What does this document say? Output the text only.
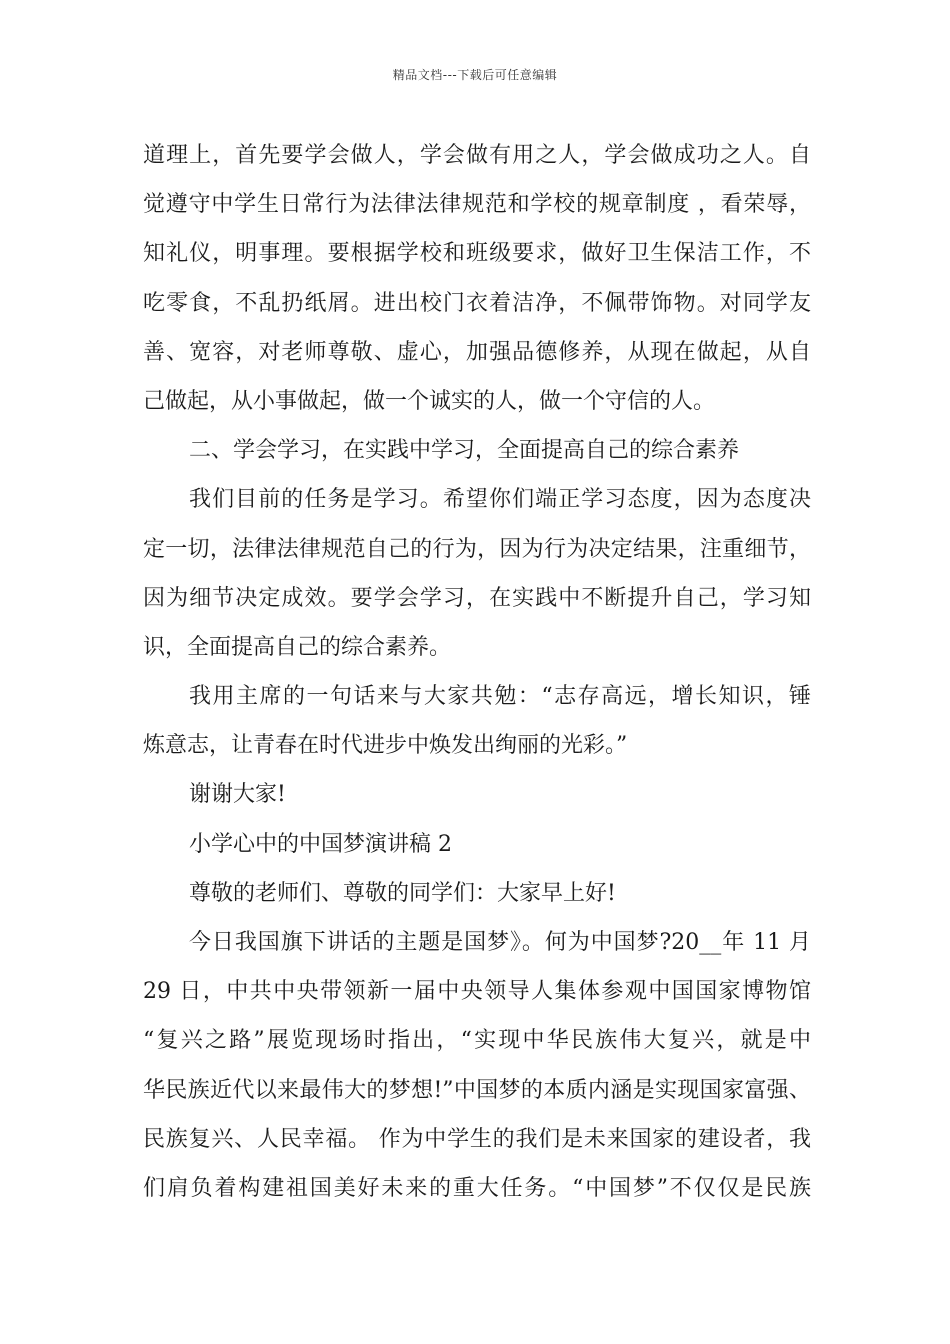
精品文档---下载后可任意编辑
道理上，首先要学会做人，学会做有用之人，学会做成功之人。自
觉遵守中学生日常行为法律法律规范和学校的规章制度 ，看荣辱，
知礼仪，明事理。要根据学校和班级要求，做好卫生保洁工作，不
吃零食，不乱扔纸屑。进出校门衣着洁净，不佩带饰物。对同学友
善、宽容，对老师尊敬、虚心，加强品德修养，从现在做起，从自
己做起，从小事做起，做一个诚实的人，做一个守信的人。
二、学会学习，在实践中学习，全面提高自己的综合素养
我们目前的任务是学习。希望你们端正学习态度，因为态度决
定一切，法律法律规范自己的行为，因为行为决定结果，注重细节，
因为细节决定成效。要学会学习，在实践中不断提升自己，学习知
识，全面提高自己的综合素养。
我用主席的一句话来与大家共勉：“志存高远，增长知识，锤
炼意志，让青春在时代进步中焕发出绚丽的光彩。”
谢谢大家!
小学心中的中国梦演讲稿 2
尊敬的老师们、尊敬的同学们：大家早上好!
今日我国旗下讲话的主题是国梦》。何为中国梦?20__年 11 月
29 日，中共中央带领新一届中央领导人集体参观中国国家博物馆
“复兴之路”展览现场时指出，“实现中华民族伟大复兴，就是中
华民族近代以来最伟大的梦想!”中国梦的本质内涵是实现国家富强、
民族复兴、人民幸福。 作为中学生的我们是未来国家的建设者，我
们肩负着构建祖国美好未来的重大任务。“中国梦”不仅仅是民族
